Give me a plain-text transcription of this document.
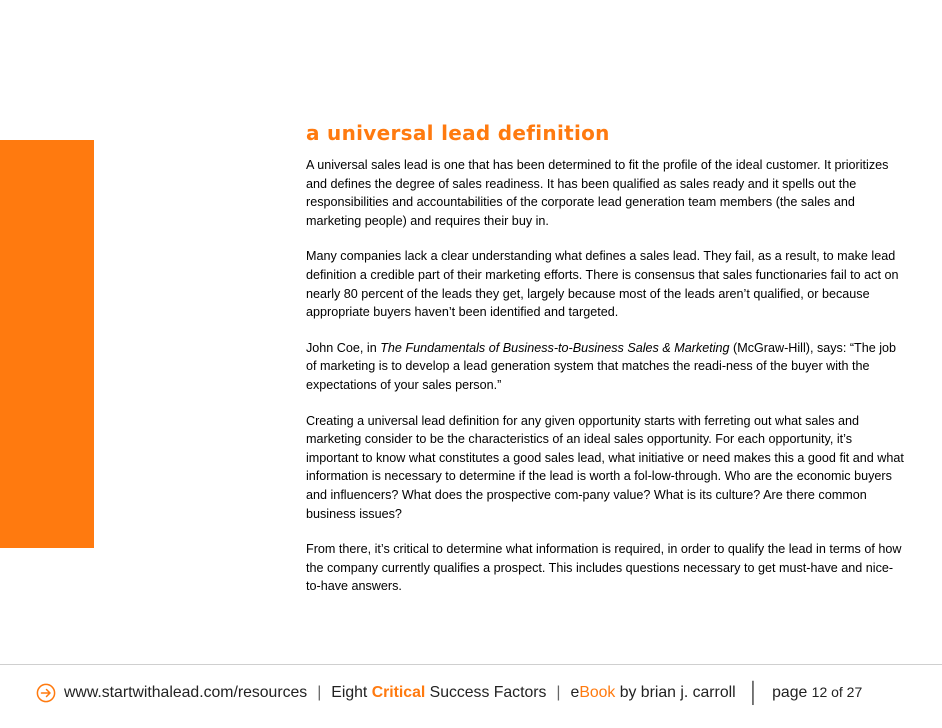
a universal lead definition

A universal sales lead is one that has been determined to fit the profile of the ideal customer. It prioritizes and defines the degree of sales readiness. It has been qualified as sales ready and it spells out the responsibilities and accountabilities of the corporate lead generation team members (the sales and marketing people) and requires their buy in.

Many companies lack a clear understanding what defines a sales lead. They fail, as a result, to make lead definition a credible part of their marketing efforts. There is consensus that sales functionaries fail to act on nearly 80 percent of the leads they get, largely because most of the leads aren’t qualified, or because appropriate buyers haven’t been identified and targeted.

John Coe, in The Fundamentals of Business-to-Business Sales & Marketing (McGraw-Hill), says: “The job of marketing is to develop a lead generation system that matches the readi-ness of the buyer with the expectations of your sales person.”

Creating a universal lead definition for any given opportunity starts with ferreting out what sales and marketing consider to be the characteristics of an ideal sales opportunity. For each opportunity, it’s important to know what constitutes a good sales lead, what initiative or need makes this a good fit and what information is necessary to determine if the lead is worth a fol-low-through. Who are the economic buyers and influencers? What does the prospective com-pany value? What is its culture? Are there common business issues?

From there, it’s critical to determine what information is required, in order to qualify the lead in terms of how the company currently qualifies a prospect. This includes questions necessary to get must-have and nice-to-have answers.

www.startwithalead.com/resources | Eight Critical Success Factors | eBook by brian j. carroll │ page 12 of 27
